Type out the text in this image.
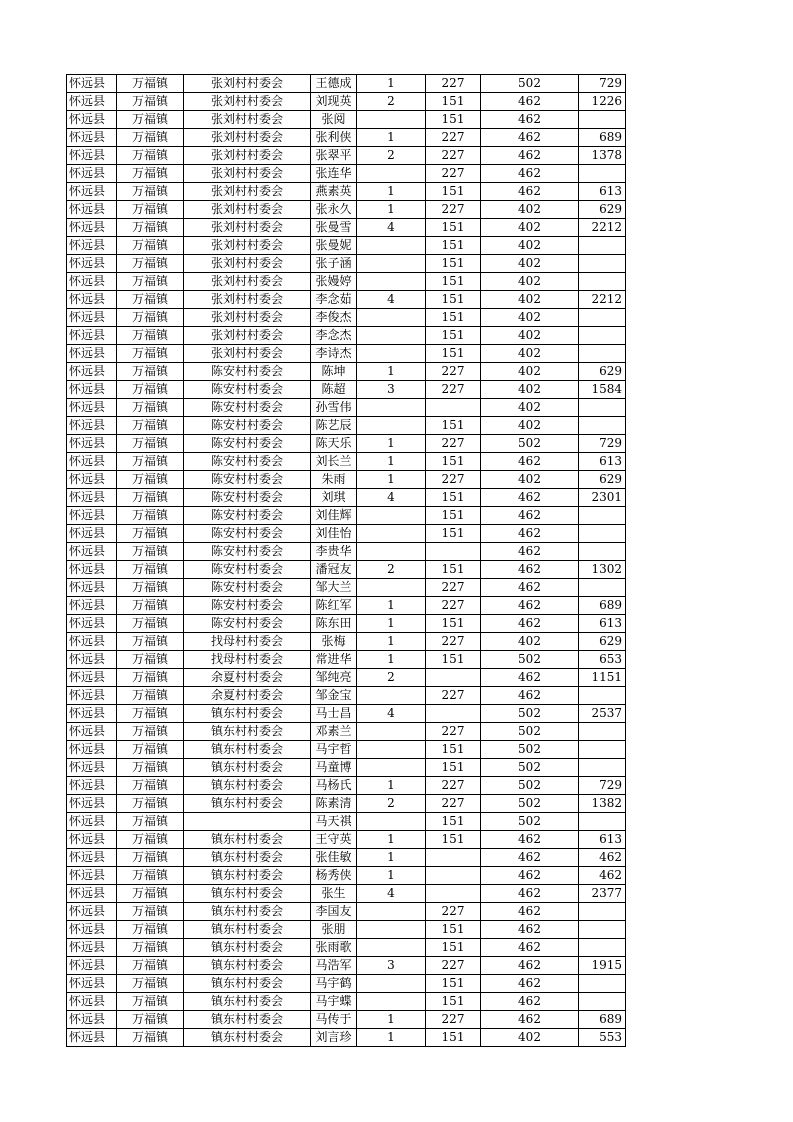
怀远县	万福镇	张刘村村委会	王德成	1	227	502	729
怀远县	万福镇	张刘村村委会	刘现英	2	151	462	1226
怀远县	万福镇	张刘村村委会	张阅		151	462	
怀远县	万福镇	张刘村村委会	张利侠	1	227	462	689
怀远县	万福镇	张刘村村委会	张翠平	2	227	462	1378
怀远县	万福镇	张刘村村委会	张连华		227	462	
怀远县	万福镇	张刘村村委会	燕素英	1	151	462	613
怀远县	万福镇	张刘村村委会	张永久	1	227	402	629
怀远县	万福镇	张刘村村委会	张曼雪	4	151	402	2212
怀远县	万福镇	张刘村村委会	张曼妮		151	402	
怀远县	万福镇	张刘村村委会	张子涵		151	402	
怀远县	万福镇	张刘村村委会	张嫚婷		151	402	
怀远县	万福镇	张刘村村委会	李念茹	4	151	402	2212
怀远县	万福镇	张刘村村委会	李俊杰		151	402	
怀远县	万福镇	张刘村村委会	李念杰		151	402	
怀远县	万福镇	张刘村村委会	李诗杰		151	402	
怀远县	万福镇	陈安村村委会	陈坤	1	227	402	629
怀远县	万福镇	陈安村村委会	陈超	3	227	402	1584
怀远县	万福镇	陈安村村委会	孙雪伟			402	
怀远县	万福镇	陈安村村委会	陈艺辰		151	402	
怀远县	万福镇	陈安村村委会	陈天乐	1	227	502	729
怀远县	万福镇	陈安村村委会	刘长兰	1	151	462	613
怀远县	万福镇	陈安村村委会	朱雨	1	227	402	629
怀远县	万福镇	陈安村村委会	刘琪	4	151	462	2301
怀远县	万福镇	陈安村村委会	刘佳辉		151	462	
怀远县	万福镇	陈安村村委会	刘佳怡		151	462	
怀远县	万福镇	陈安村村委会	李贵华			462	
怀远县	万福镇	陈安村村委会	潘冠友	2	151	462	1302
怀远县	万福镇	陈安村村委会	邹大兰		227	462	
怀远县	万福镇	陈安村村委会	陈红军	1	227	462	689
怀远县	万福镇	陈安村村委会	陈东田	1	151	462	613
怀远县	万福镇	找母村村委会	张梅	1	227	402	629
怀远县	万福镇	找母村村委会	常进华	1	151	502	653
怀远县	万福镇	余夏村村委会	邹纯亮	2		462	1151
怀远县	万福镇	余夏村村委会	邹金宝		227	462	
怀远县	万福镇	镇东村村委会	马士昌	4		502	2537
怀远县	万福镇	镇东村村委会	邓素兰		227	502	
怀远县	万福镇	镇东村村委会	马宇哲		151	502	
怀远县	万福镇	镇东村村委会	马童博		151	502	
怀远县	万福镇	镇东村村委会	马杨氏	1	227	502	729
怀远县	万福镇	镇东村村委会	陈素清	2	227	502	1382
怀远县	万福镇		马天祺		151	502	
怀远县	万福镇	镇东村村委会	王守英	1	151	462	613
怀远县	万福镇	镇东村村委会	张佳敏	1		462	462
怀远县	万福镇	镇东村村委会	杨秀侠	1		462	462
怀远县	万福镇	镇东村村委会	张生	4		462	2377
怀远县	万福镇	镇东村村委会	李国友		227	462	
怀远县	万福镇	镇东村村委会	张朋		151	462	
怀远县	万福镇	镇东村村委会	张雨歌		151	462	
怀远县	万福镇	镇东村村委会	马浩军	3	227	462	1915
怀远县	万福镇	镇东村村委会	马宇鹤		151	462	
怀远县	万福镇	镇东村村委会	马宇蝶		151	462	
怀远县	万福镇	镇东村村委会	马传于	1	227	462	689
怀远县	万福镇	镇东村村委会	刘言珍	1	151	402	553
